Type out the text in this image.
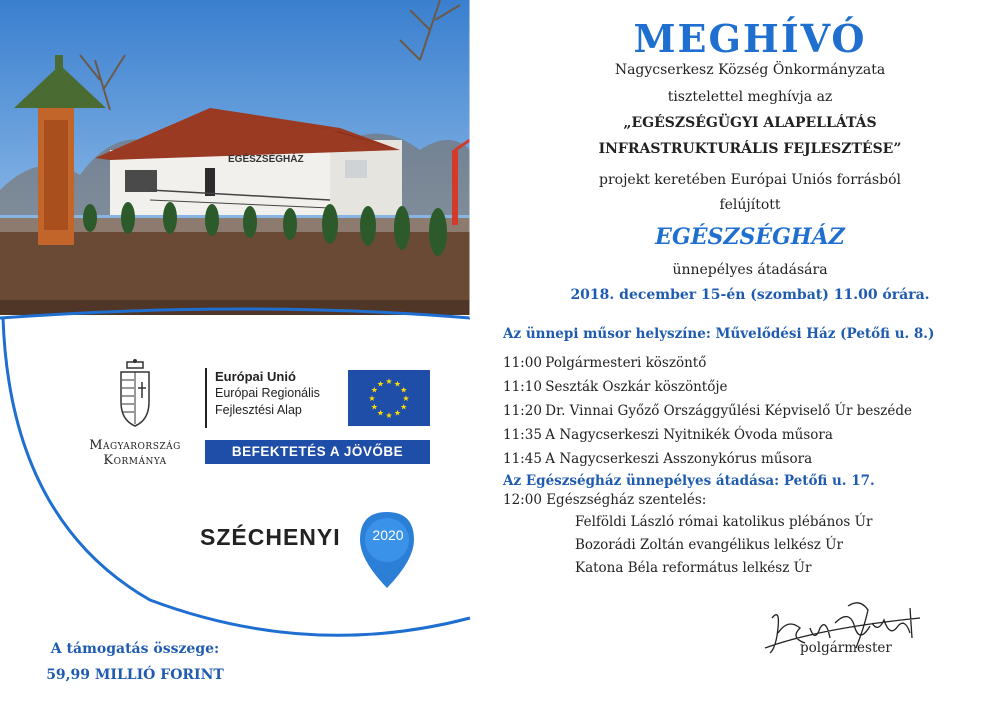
EGÉSZSÉGHÁZ
Magyarország
Kormánya
Európai Unió
Európai Regionális
Fejlesztési Alap
★ ★
★
★
★
★
★
★
★
★
★
★
BEFEKTETÉS A JÖVŐBE
SZÉCHENYI	2020
A támogatás összege:
59,99 MILLIÓ FORINT
MEGHÍVÓ
Nagycserkesz Község Önkormányzata
tisztelettel meghívja az
„EGÉSZSÉGÜGYI ALAPELLÁTÁS
INFRASTRUKTURÁLIS FEJLESZTÉSE”
projekt keretében Európai Uniós forrásból
felújított
EGÉSZSÉGHÁZ
ünnepélyes átadására
2018. december 15-én (szombat) 11.00 órára.
Az ünnepi műsor helyszíne: Művelődési Ház (Petőfi u. 8.)
11:00 Polgármesteri köszöntő
11:10 Seszták Oszkár köszöntője
11:20 Dr. Vinnai Győző Országgyűlési Képviselő Úr beszéde
11:35 A Nagycserkeszi Nyitnikék Óvoda műsora
11:45 A Nagycserkeszi Asszonykórus műsora
Az Egészségház ünnepélyes átadása: Petőfi u. 17.
12:00 Egészségház szentelés:
Felföldi László római katolikus plébános Úr
Bozorádi Zoltán evangélikus lelkész Úr
Katona Béla református lelkész Úr
polgármester
